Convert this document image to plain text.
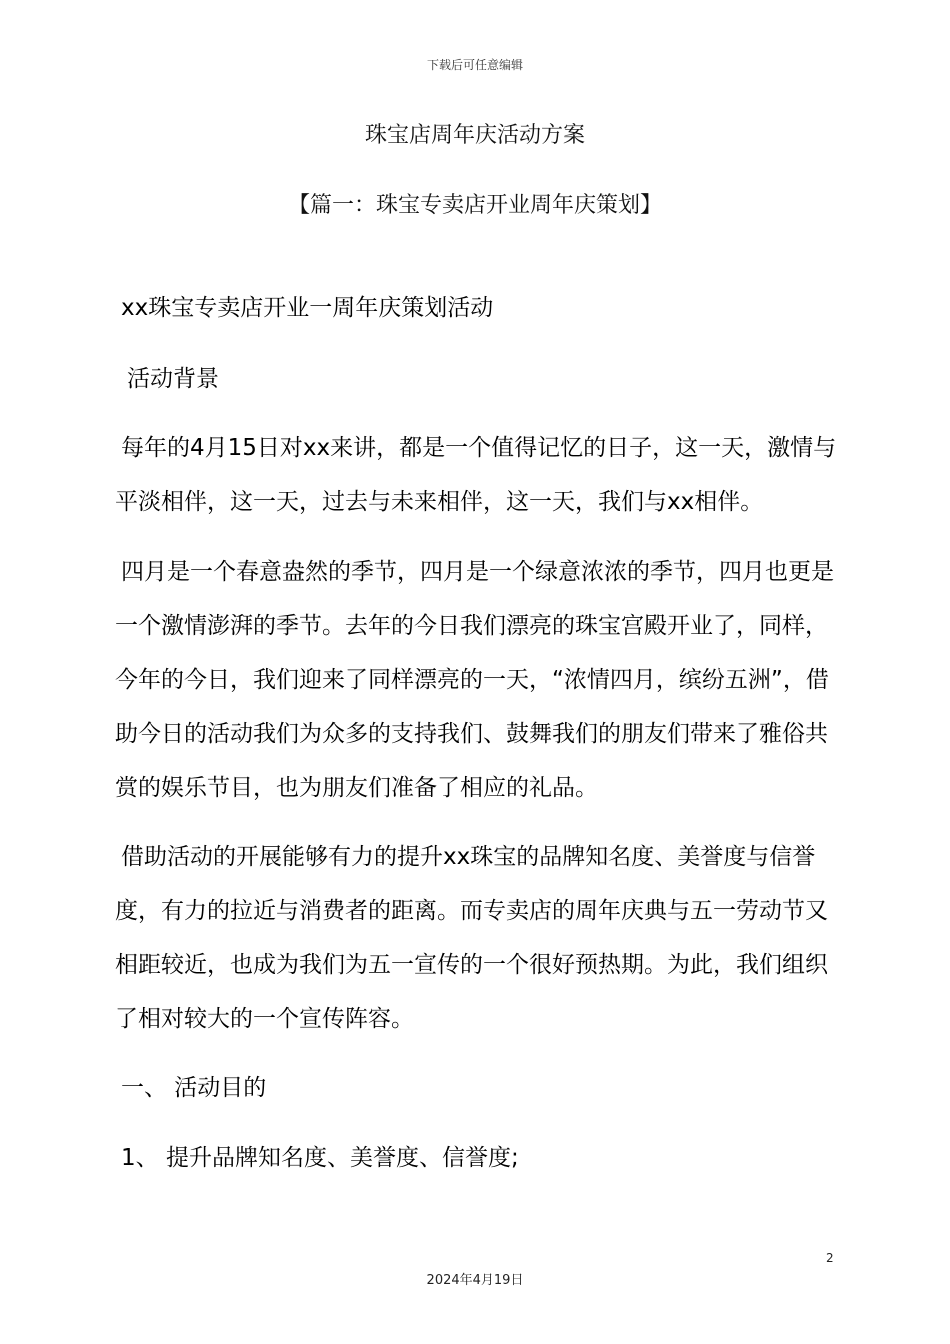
下载后可任意编辑
珠宝店周年庆活动方案
【篇一：珠宝专卖店开业周年庆策划】
xx珠宝专卖店开业一周年庆策划活动
活动背景
每年的4月15日对xx来讲，都是一个值得记忆的日子，这一天，激情与平淡相伴，这一天，过去与未来相伴，这一天，我们与xx相伴。
四月是一个春意盎然的季节，四月是一个绿意浓浓的季节，四月也更是一个激情澎湃的季节。去年的今日我们漂亮的珠宝宫殿开业了，同样，今年的今日，我们迎来了同样漂亮的一天，“浓情四月，缤纷五洲”，借助今日的活动我们为众多的支持我们、鼓舞我们的朋友们带来了雅俗共赏的娱乐节目，也为朋友们准备了相应的礼品。
借助活动的开展能够有力的提升xx珠宝的品牌知名度、美誉度与信誉度，有力的拉近与消费者的距离。而专卖店的周年庆典与五一劳动节又相距较近，也成为我们为五一宣传的一个很好预热期。为此，我们组织了相对较大的一个宣传阵容。
一、 活动目的
1、 提升品牌知名度、美誉度、信誉度;
2
2024年4月19日
